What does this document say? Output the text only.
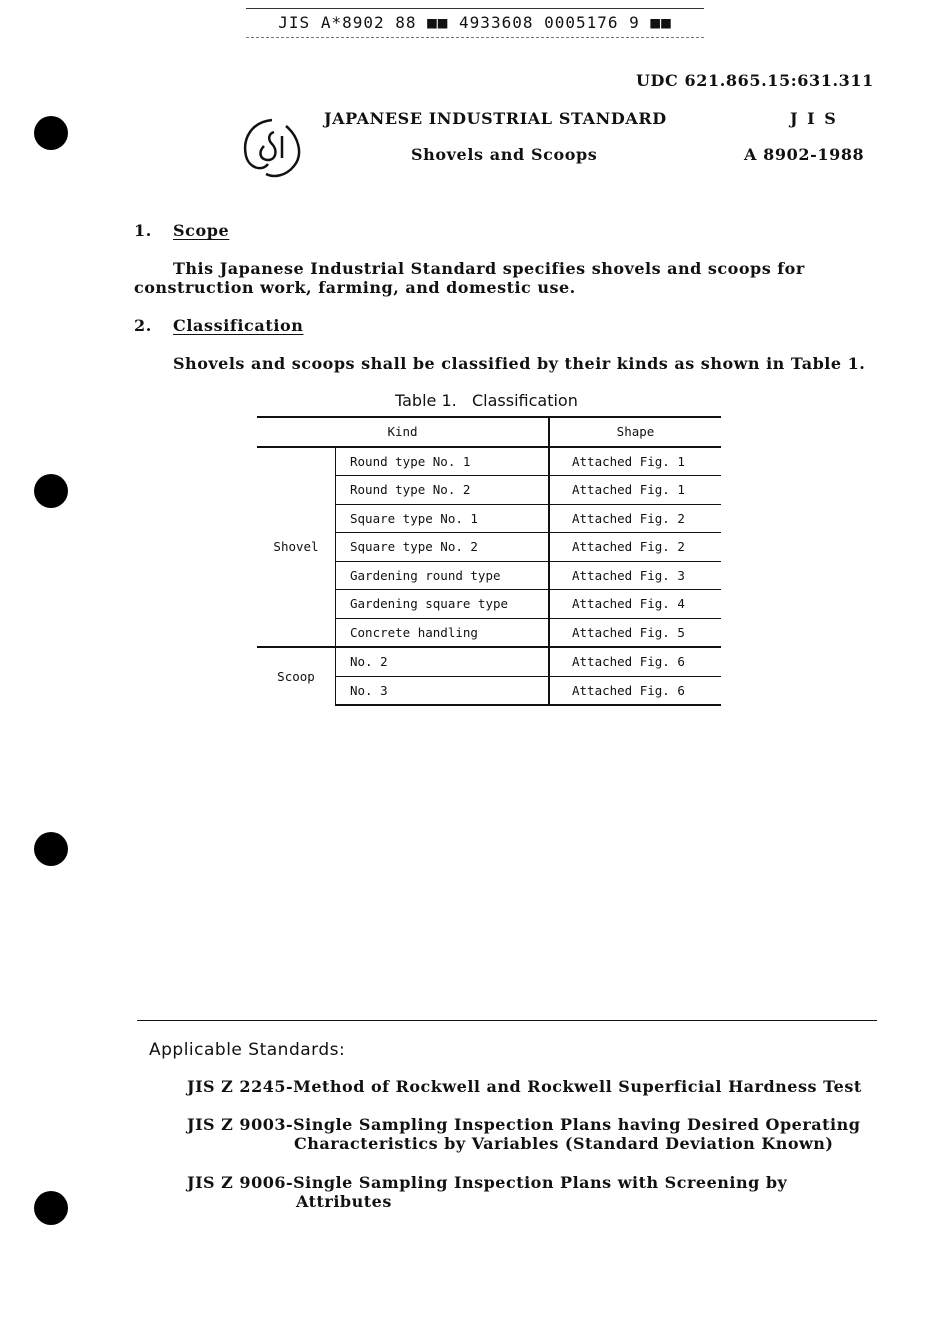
JIS A*8902 88 ■■ 4933608 0005176 9 ■■
UDC 621.865.15:631.311
JAPANESE INDUSTRIAL STANDARD	J I S
Shovels and Scoops	A 8902-1988
1. Scope
This Japanese Industrial Standard specifies shovels and scoops for
construction work, farming, and domestic use.
2. Classification
Shovels and scoops shall be classified by their kinds as shown in Table 1.
Table 1.   Classification
Kind		Shape
Shovel	Round type No. 1	Attached Fig. 1
	Round type No. 2	Attached Fig. 1
	Square type No. 1	Attached Fig. 2
	Square type No. 2	Attached Fig. 2
	Gardening round type	Attached Fig. 3
	Gardening square type	Attached Fig. 4
	Concrete handling	Attached Fig. 5
Scoop	No. 2	Attached Fig. 6
	No. 3	Attached Fig. 6
Applicable Standards:
JIS Z 2245-Method of Rockwell and Rockwell Superficial Hardness Test
JIS Z 9003-Single Sampling Inspection Plans having Desired Operating
Characteristics by Variables (Standard Deviation Known)
JIS Z 9006-Single Sampling Inspection Plans with Screening by
Attributes
